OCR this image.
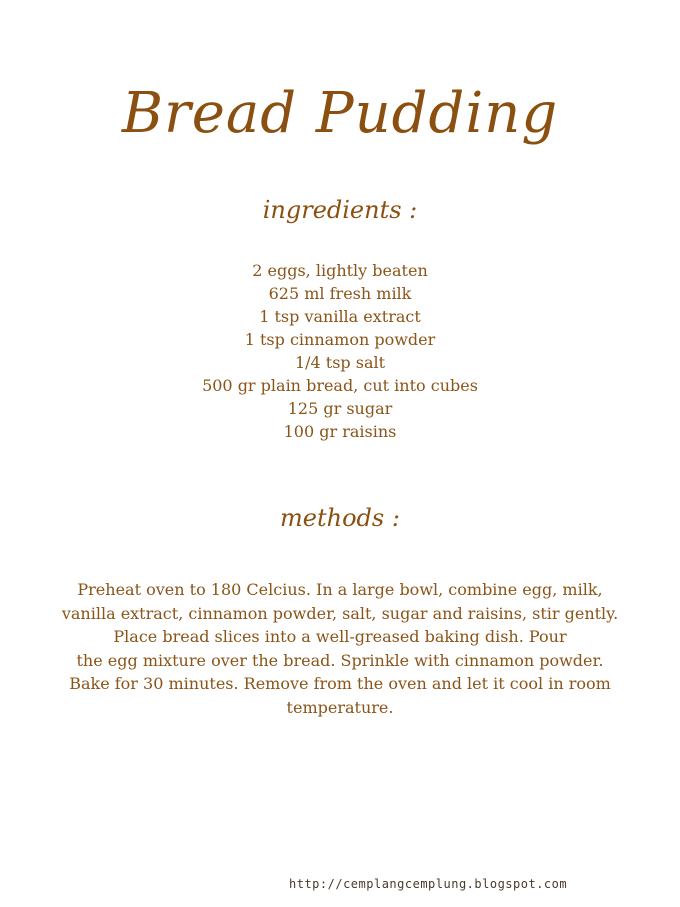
Bread Pudding
ingredients :
2 eggs, lightly beaten
625 ml fresh milk
1 tsp vanilla extract
1 tsp cinnamon powder
1/4 tsp salt
500 gr plain bread, cut into cubes
125 gr sugar
100 gr raisins
methods :
Preheat oven to 180 Celcius. In a large bowl, combine egg, milk,
vanilla extract, cinnamon powder, salt, sugar and raisins, stir gently.
Place bread slices into a well-greased baking dish. Pour
the egg mixture over the bread. Sprinkle with cinnamon powder.
Bake for 30 minutes. Remove from the oven and let it cool in room
temperature.
http://cemplangcemplung.blogspot.com
